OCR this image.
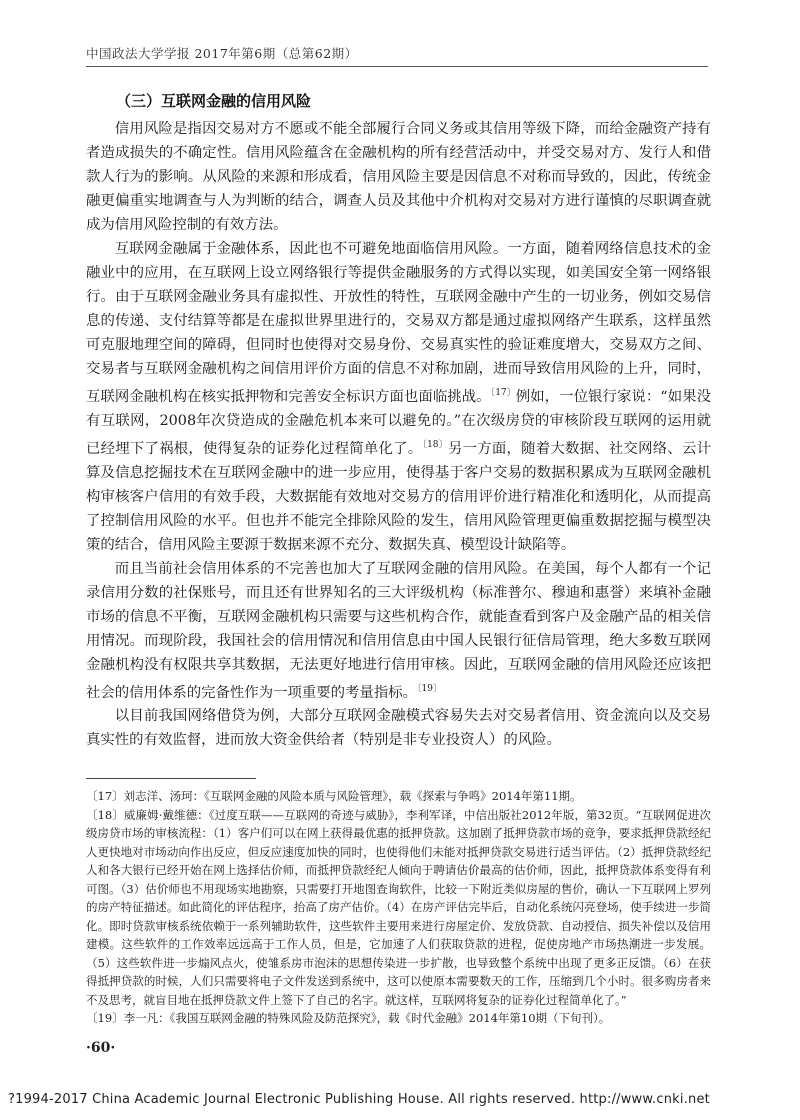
中国政法大学学报 2017年第6期（总第62期）
（三）互联网金融的信用风险

信用风险是指因交易对方不愿或不能全部履行合同义务或其信用等级下降，而给金融资产持有者造成损失的不确定性。信用风险蕴含在金融机构的所有经营活动中，并受交易对方、发行人和借款人行为的影响。从风险的来源和形成看，信用风险主要是因信息不对称而导致的，因此，传统金融更偏重实地调查与人为判断的结合，调查人员及其他中介机构对交易对方进行谨慎的尽职调查就成为信用风险控制的有效方法。

互联网金融属于金融体系，因此也不可避免地面临信用风险。一方面，随着网络信息技术的金融业中的应用，在互联网上设立网络银行等提供金融服务的方式得以实现，如美国安全第一网络银行。由于互联网金融业务具有虚拟性、开放性的特性，互联网金融中产生的一切业务，例如交易信息的传递、支付结算等都是在虚拟世界里进行的，交易双方都是通过虚拟网络产生联系，这样虽然可克服地理空间的障碍，但同时也使得对交易身份、交易真实性的验证难度增大，交易双方之间、交易者与互联网金融机构之间信用评价方面的信息不对称加剧，进而导致信用风险的上升，同时，互联网金融机构在核实抵押物和完善安全标识方面也面临挑战。$^{〔17〕}$例如，一位银行家说：“如果没有互联网，2008年次贷造成的金融危机本来可以避免的。”在次级房贷的审核阶段互联网的运用就已经埋下了祸根，使得复杂的证券化过程简单化了。$^{〔18〕}$另一方面，随着大数据、社交网络、云计算及信息挖掘技术在互联网金融中的进一步应用，使得基于客户交易的数据积累成为互联网金融机构审核客户信用的有效手段，大数据能有效地对交易方的信用评价进行精准化和透明化，从而提高了控制信用风险的水平。但也并不能完全排除风险的发生，信用风险管理更偏重数据挖掘与模型决策的结合，信用风险主要源于数据来源不充分、数据失真、模型设计缺陷等。

而且当前社会信用体系的不完善也加大了互联网金融的信用风险。在美国，每个人都有一个记录信用分数的社保账号，而且还有世界知名的三大评级机构（标准普尔、穆迪和惠誉）来填补金融市场的信息不平衡，互联网金融机构只需要与这些机构合作，就能查看到客户及金融产品的相关信用情况。而现阶段，我国社会的信用情况和信用信息由中国人民银行征信局管理，绝大多数互联网金融机构没有权限共享其数据，无法更好地进行信用审核。因此，互联网金融的信用风险还应该把社会的信用体系的完备性作为一项重要的考量指标。$^{〔19〕}$

以目前我国网络借贷为例，大部分互联网金融模式容易失去对交易者信用、资金流向以及交易真实性的有效监督，进而放大资金供给者（特别是非专业投资人）的风险。

〔17〕刘志洋、汤珂：《互联网金融的风险本质与风险管理》，载《探索与争鸣》2014年第11期。

〔18〕威廉姆·戴维德：《过度互联——互联网的奇迹与威胁》，李利军译，中信出版社2012年版，第32页。“互联网促进次级房贷市场的审核流程：（1）客户们可以在网上获得最优惠的抵押贷款。这加剧了抵押贷款市场的竞争，要求抵押贷款经纪人更快地对市场动向作出反应，但反应速度加快的同时，也使得他们未能对抵押贷款交易进行适当评估。（2）抵押贷款经纪人和各大银行已经开始在网上选择估价师，而抵押贷款经纪人倾向于聘请估价最高的估价师，因此，抵押贷款体系变得有利可图。（3）估价师也不用现场实地勘察，只需要打开地图查询软件，比较一下附近类似房屋的售价，确认一下互联网上罗列的房产特征描述。如此简化的评估程序，抬高了房产估价。（4）在房产评估完毕后，自动化系统闪亮登场，使手续进一步简化。即时贷款审核系统依赖于一系列辅助软件，这些软件主要用来进行房屋定价、发放贷款、自动授信、损失补偿以及信用建模。这些软件的工作效率远远高于工作人员，但是，它加速了人们获取贷款的进程，促使房地产市场热潮进一步发展。（5）这些软件进一步煽风点火，使雏系房市泡沫的思想传染进一步扩散，也导致整个系统中出现了更多正反馈。（6）在获得抵押贷款的时候，人们只需要将电子文件发送到系统中，这可以使原本需要数天的工作，压缩到几个小时。很多购房者来不及思考，就盲目地在抵押贷款文件上签下了自己的名字。就这样，互联网将复杂的证券化过程简单化了。”

〔19〕李一凡：《我国互联网金融的特殊风险及防范探究》，载《时代金融》2014年第10期（下旬刊）。

·60·
?1994-2017 China Academic Journal Electronic Publishing House. All rights reserved. http://www.cnki.net
